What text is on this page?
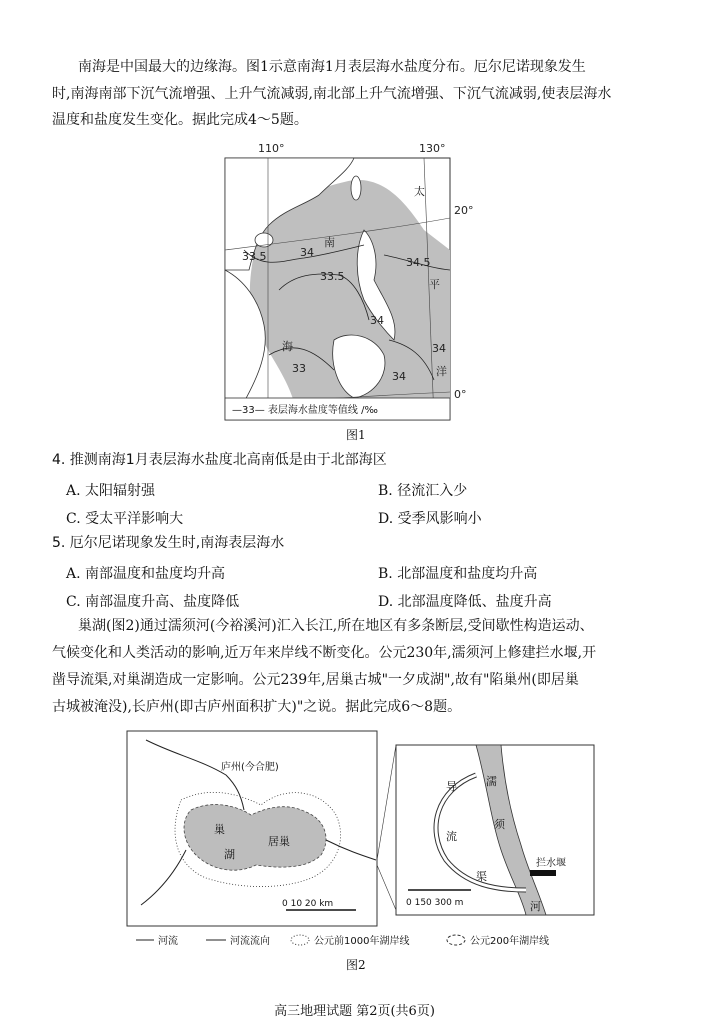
南海是中国最大的边缘海。图1示意南海1月表层海水盐度分布。厄尔尼诺现象发生
时,南海南部下沉气流增强、上升气流减弱,南北部上升气流增强、下沉气流减弱,使表层海水
温度和盐度发生变化。据此完成4～5题。
110°	130°
20°
0°
33.5	34
33.5
34.5
34
34
34
33
太
平
洋
南
海
—33— 表层海水盐度等值线 /‰
图1
4. 推测南海1月表层海水盐度北高南低是由于北部海区
A. 太阳辐射强	B. 径流汇入少
C. 受太平洋影响大	D. 受季风影响小
5. 厄尔尼诺现象发生时,南海表层海水
A. 南部温度和盐度均升高	B. 北部温度和盐度均升高
C. 南部温度升高、盐度降低	D. 北部温度降低、盐度升高
巢湖(图2)通过濡须河(今裕溪河)汇入长江,所在地区有多条断层,受间歇性构造运动、
气候变化和人类活动的影响,近万年来岸线不断变化。公元230年,濡须河上修建拦水堰,开
凿导流渠,对巢湖造成一定影响。公元239年,居巢古城"一夕成湖",故有"陷巢州(即居巢
古城被淹没),长庐州(即古庐州面积扩大)"之说。据此完成6～8题。
庐州(今合肥)
巢
湖
居巢
0 10 20 km
濡
须
河
导
流
渠
拦水堰
0 150 300 m
河流	河流流向	公元前1000年湖岸线	公元200年湖岸线
图2
高三地理试题 第2页(共6页)
